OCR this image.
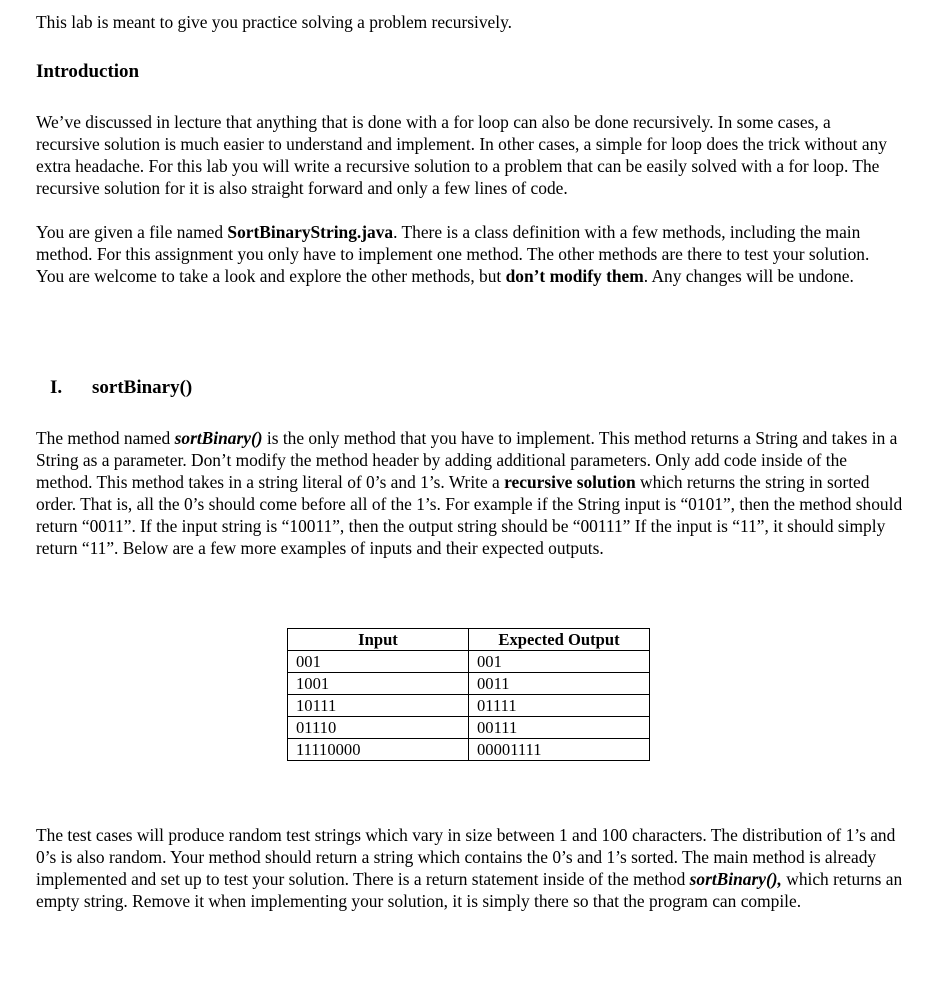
This lab is meant to give you practice solving a problem recursively.

Introduction

We’ve discussed in lecture that anything that is done with a for loop can also be done recursively. In some cases, a recursive solution is much easier to understand and implement. In other cases, a simple for loop does the trick without any extra headache. For this lab you will write a recursive solution to a problem that can be easily solved with a for loop. The recursive solution for it is also straight forward and only a few lines of code.

You are given a file named SortBinaryString.java. There is a class definition with a few methods, including the main method. For this assignment you only have to implement one method. The other methods are there to test your solution. You are welcome to take a look and explore the other methods, but don’t modify them. Any changes will be undone.

I. sortBinary()

The method named sortBinary() is the only method that you have to implement. This method returns a String and takes in a String as a parameter. Don’t modify the method header by adding additional parameters. Only add code inside of the method. This method takes in a string literal of 0’s and 1’s. Write a recursive solution which returns the string in sorted order. That is, all the 0’s should come before all of the 1’s. For example if the String input is “0101”, then the method should return “0011”. If the input string is “10011”, then the output string should be “00111” If the input is “11”, it should simply return “11”. Below are a few more examples of inputs and their expected outputs.

Input	Expected Output
001	001
1001	0011
10111	01111
01110	00111
11110000	00001111

The test cases will produce random test strings which vary in size between 1 and 100 characters. The distribution of 1’s and 0’s is also random. Your method should return a string which contains the 0’s and 1’s sorted. The main method is already implemented and set up to test your solution. There is a return statement inside of the method sortBinary(), which returns an empty string. Remove it when implementing your solution, it is simply there so that the program can compile.
